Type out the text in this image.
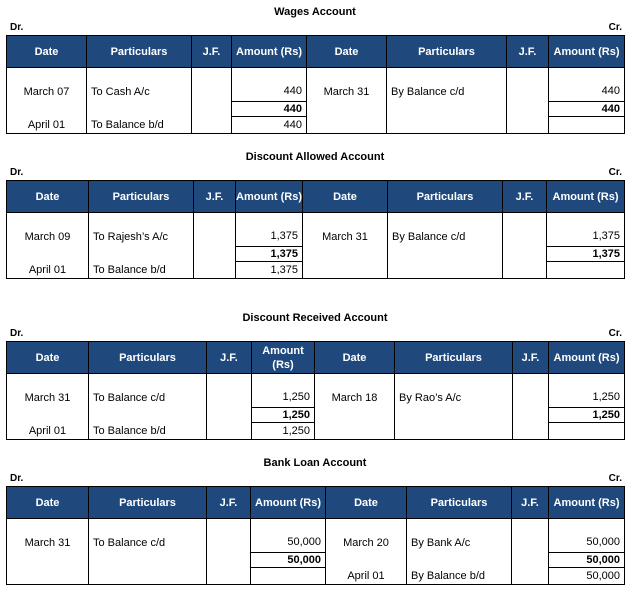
Wages Account
Dr.	Cr.
Date	Particulars	J.F.	Amount (Rs)	Date	Particulars	J.F.	Amount (Rs)

March 07	To Cash A/c		440	March 31	By Balance c/d		440
			440				440
April 01	To Balance b/d		440				
Discount Allowed Account
Dr.	Cr.
Date	Particulars	J.F.	Amount (Rs)	Date	Particulars	J.F.	Amount (Rs)

March 09	To Rajesh’s A/c		1,375	March 31	By Balance c/d		1,375
			1,375				1,375
April 01	To Balance b/d		1,375				
Discount Received Account
Dr.	Cr.
Date	Particulars	J.F.	Amount (Rs)	Date	Particulars	J.F.	Amount (Rs)

March 31	To Balance c/d		1,250	March 18	By Rao’s A/c		1,250
			1,250				1,250
April 01	To Balance b/d		1,250				
Bank Loan Account
Dr.	Cr.
Date	Particulars	J.F.	Amount (Rs)	Date	Particulars	J.F.	Amount (Rs)

March 31	To Balance c/d		50,000	March 20	By Bank A/c		50,000
			50,000				50,000
				April 01	By Balance b/d		50,000
